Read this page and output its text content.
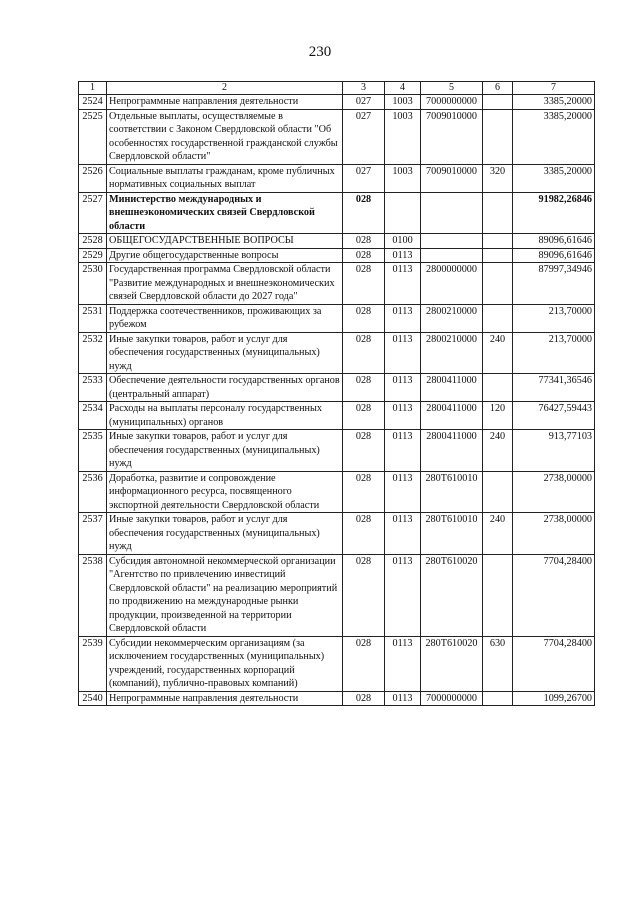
230
1	2	3	4	5	6	7
2524	Непрограммные направления деятельности	027	1003	7000000000		3385,20000
2525	Отдельные выплаты, осуществляемые в соответствии с Законом Свердловской области "Об особенностях государственной гражданской службы Свердловской области"	027	1003	7009010000		3385,20000
2526	Социальные выплаты гражданам, кроме публичных нормативных социальных выплат	027	1003	7009010000	320	3385,20000
2527	Министерство международных и внешнеэкономических связей Свердловской области	028				91982,26846
2528	ОБЩЕГОСУДАРСТВЕННЫЕ ВОПРОСЫ	028	0100			89096,61646
2529	Другие общегосударственные вопросы	028	0113			89096,61646
2530	Государственная программа Свердловской области "Развитие международных и внешнеэкономических связей Свердловской области до 2027 года"	028	0113	2800000000		87997,34946
2531	Поддержка соотечественников, проживающих за рубежом	028	0113	2800210000		213,70000
2532	Иные закупки товаров, работ и услуг для обеспечения государственных (муниципальных) нужд	028	0113	2800210000	240	213,70000
2533	Обеспечение деятельности государственных органов (центральный аппарат)	028	0113	2800411000		77341,36546
2534	Расходы на выплаты персоналу государственных (муниципальных) органов	028	0113	2800411000	120	76427,59443
2535	Иные закупки товаров, работ и услуг для обеспечения государственных (муниципальных) нужд	028	0113	2800411000	240	913,77103
2536	Доработка, развитие и сопровождение информационного ресурса, посвященного экспортной деятельности Свердловской области	028	0113	280Т610010		2738,00000
2537	Иные закупки товаров, работ и услуг для обеспечения государственных (муниципальных) нужд	028	0113	280Т610010	240	2738,00000
2538	Субсидия автономной некоммерческой организации "Агентство по привлечению инвестиций Свердловской области" на реализацию мероприятий по продвижению на международные рынки продукции, произведенной на территории Свердловской области	028	0113	280Т610020		7704,28400
2539	Субсидии некоммерческим организациям (за исключением государственных (муниципальных) учреждений, государственных корпораций (компаний), публично-правовых компаний)	028	0113	280Т610020	630	7704,28400
2540	Непрограммные направления деятельности	028	0113	7000000000		1099,26700
